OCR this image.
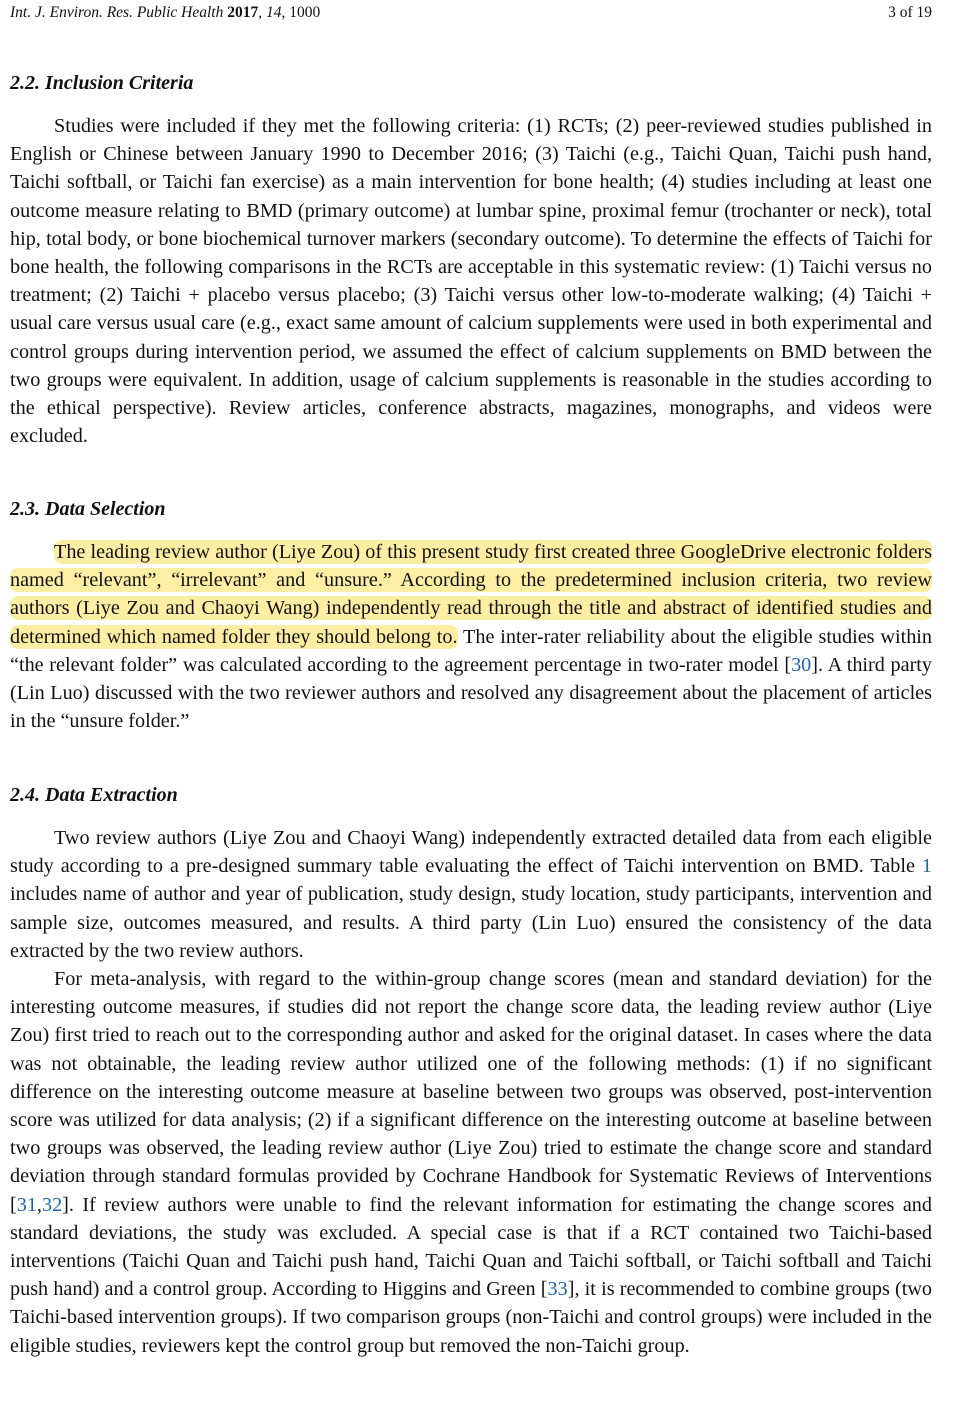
Int. J. Environ. Res. Public Health 2017, 14, 1000	3 of 19
2.2. Inclusion Criteria

Studies were included if they met the following criteria: (1) RCTs; (2) peer-reviewed studies published in English or Chinese between January 1990 to December 2016; (3) Taichi (e.g., Taichi Quan, Taichi push hand, Taichi softball, or Taichi fan exercise) as a main intervention for bone health; (4) studies including at least one outcome measure relating to BMD (primary outcome) at lumbar spine, proximal femur (trochanter or neck), total hip, total body, or bone biochemical turnover markers (secondary outcome). To determine the effects of Taichi for bone health, the following comparisons in the RCTs are acceptable in this systematic review: (1) Taichi versus no treatment; (2) Taichi + placebo versus placebo; (3) Taichi versus other low-to-moderate walking; (4) Taichi + usual care versus usual care (e.g., exact same amount of calcium supplements were used in both experimental and control groups during intervention period, we assumed the effect of calcium supplements on BMD between the two groups were equivalent. In addition, usage of calcium supplements is reasonable in the studies according to the ethical perspective). Review articles, conference abstracts, magazines, monographs, and videos were excluded.

2.3. Data Selection

The leading review author (Liye Zou) of this present study first created three GoogleDrive electronic folders named “relevant”, “irrelevant” and “unsure.” According to the predetermined inclusion criteria, two review authors (Liye Zou and Chaoyi Wang) independently read through the title and abstract of identified studies and determined which named folder they should belong to. The inter-rater reliability about the eligible studies within “the relevant folder” was calculated according to the agreement percentage in two-rater model [30]. A third party (Lin Luo) discussed with the two reviewer authors and resolved any disagreement about the placement of articles in the “unsure folder.”

2.4. Data Extraction

Two review authors (Liye Zou and Chaoyi Wang) independently extracted detailed data from each eligible study according to a pre-designed summary table evaluating the effect of Taichi intervention on BMD. Table 1 includes name of author and year of publication, study design, study location, study participants, intervention and sample size, outcomes measured, and results. A third party (Lin Luo) ensured the consistency of the data extracted by the two review authors.

For meta-analysis, with regard to the within-group change scores (mean and standard deviation) for the interesting outcome measures, if studies did not report the change score data, the leading review author (Liye Zou) first tried to reach out to the corresponding author and asked for the original dataset. In cases where the data was not obtainable, the leading review author utilized one of the following methods: (1) if no significant difference on the interesting outcome measure at baseline between two groups was observed, post-intervention score was utilized for data analysis; (2) if a significant difference on the interesting outcome at baseline between two groups was observed, the leading review author (Liye Zou) tried to estimate the change score and standard deviation through standard formulas provided by Cochrane Handbook for Systematic Reviews of Interventions [31,32]. If review authors were unable to find the relevant information for estimating the change scores and standard deviations, the study was excluded. A special case is that if a RCT contained two Taichi-based interventions (Taichi Quan and Taichi push hand, Taichi Quan and Taichi softball, or Taichi softball and Taichi push hand) and a control group. According to Higgins and Green [33], it is recommended to combine groups (two Taichi-based intervention groups). If two comparison groups (non-Taichi and control groups) were included in the eligible studies, reviewers kept the control group but removed the non-Taichi group.
